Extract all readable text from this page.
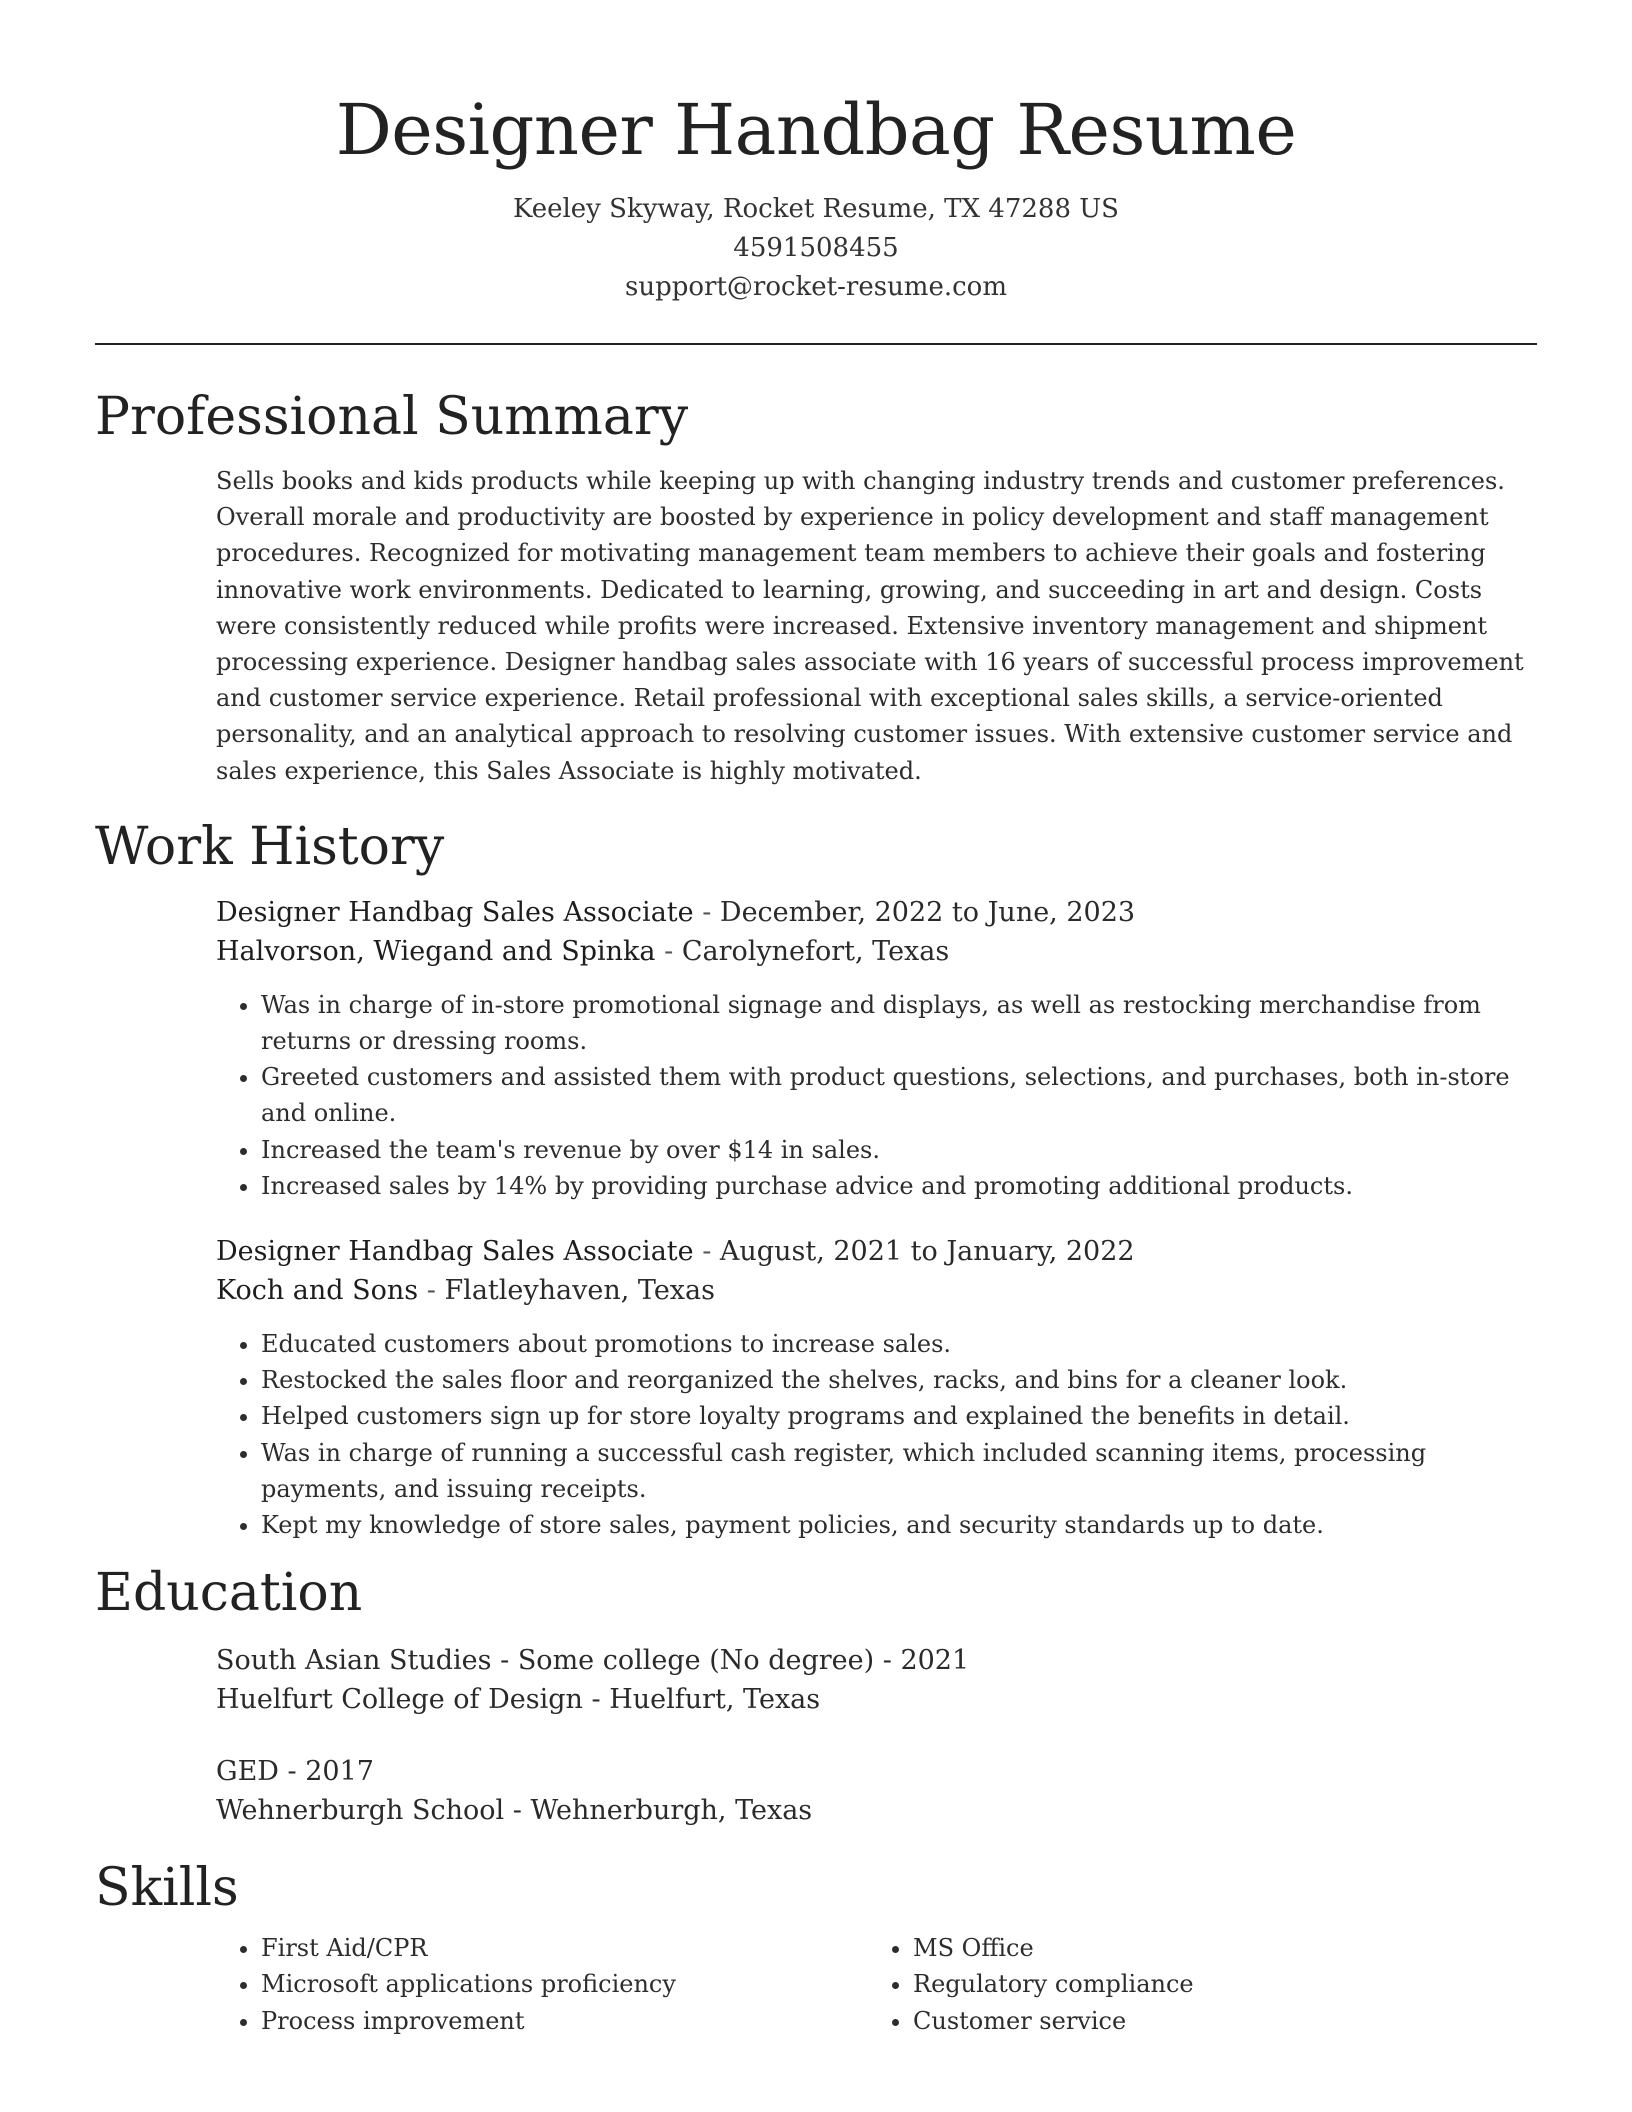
Designer Handbag Resume
Keeley Skyway, Rocket Resume, TX 47288 US
4591508455
support@rocket-resume.com
Professional Summary
Sells books and kids products while keeping up with changing industry trends and customer preferences. Overall morale and productivity are boosted by experience in policy development and staff management procedures. Recognized for motivating management team members to achieve their goals and fostering innovative work environments. Dedicated to learning, growing, and succeeding in art and design. Costs were consistently reduced while profits were increased. Extensive inventory management and shipment processing experience. Designer handbag sales associate with 16 years of successful process improvement and customer service experience. Retail professional with exceptional sales skills, a service-oriented personality, and an analytical approach to resolving customer issues. With extensive customer service and sales experience, this Sales Associate is highly motivated.
Work History
Designer Handbag Sales Associate - December, 2022 to June, 2023
Halvorson, Wiegand and Spinka - Carolynefort, Texas
• Was in charge of in-store promotional signage and displays, as well as restocking merchandise from returns or dressing rooms.
• Greeted customers and assisted them with product questions, selections, and purchases, both in-store and online.
• Increased the team's revenue by over $14 in sales.
• Increased sales by 14% by providing purchase advice and promoting additional products.
Designer Handbag Sales Associate - August, 2021 to January, 2022
Koch and Sons - Flatleyhaven, Texas
• Educated customers about promotions to increase sales.
• Restocked the sales floor and reorganized the shelves, racks, and bins for a cleaner look.
• Helped customers sign up for store loyalty programs and explained the benefits in detail.
• Was in charge of running a successful cash register, which included scanning items, processing payments, and issuing receipts.
• Kept my knowledge of store sales, payment policies, and security standards up to date.
Education
South Asian Studies - Some college (No degree) - 2021
Huelfurt College of Design - Huelfurt, Texas
GED - 2017
Wehnerburgh School - Wehnerburgh, Texas
Skills
• First Aid/CPR
• Microsoft applications proficiency
• Process improvement
• MS Office
• Regulatory compliance
• Customer service
